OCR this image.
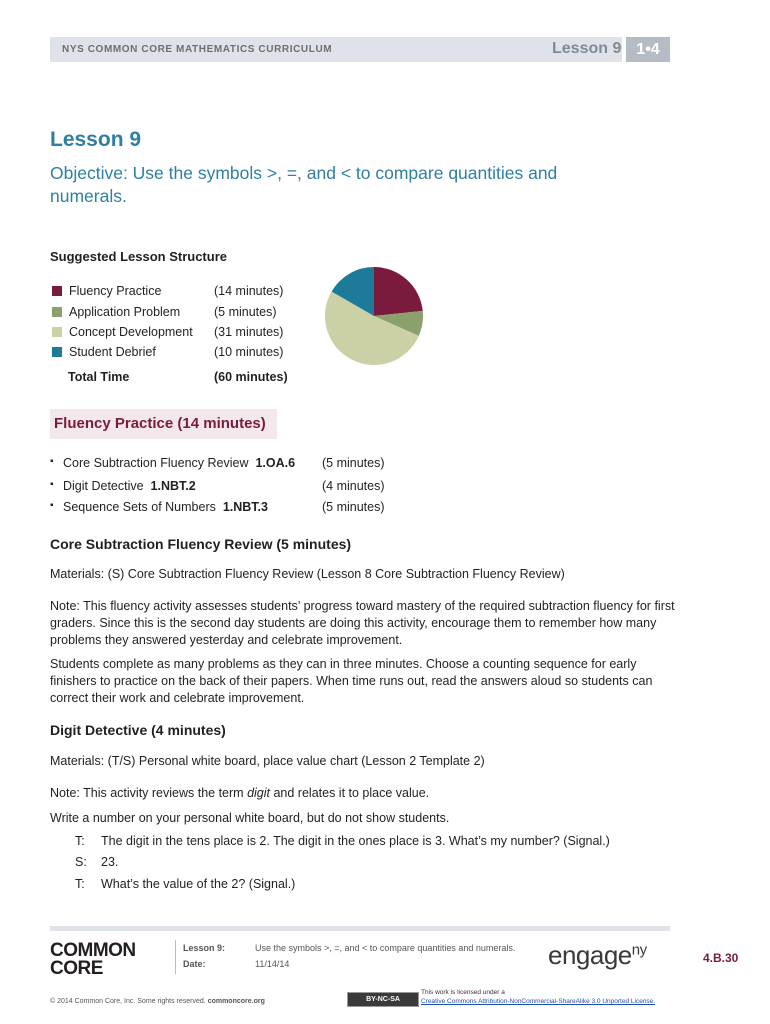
NYS COMMON CORE MATHEMATICS CURRICULUM	Lesson 9 1•4
Lesson 9
Objective: Use the symbols >, =, and < to compare quantities and numerals.
Suggested Lesson Structure
Fluency Practice	(14 minutes)
Application Problem	(5 minutes)
Concept Development (31 minutes)
Student Debrief	(10 minutes)
Total Time	(60 minutes)
Fluency Practice (14 minutes)
▪ Core Subtraction Fluency Review 1.OA.6 (5 minutes)
▪ Digit Detective 1.NBT.2	(4 minutes)
▪ Sequence Sets of Numbers 1.NBT.3	(5 minutes)
Core Subtraction Fluency Review (5 minutes)
Materials: (S) Core Subtraction Fluency Review (Lesson 8 Core Subtraction Fluency Review)
Note: This fluency activity assesses students’ progress toward mastery of the required subtraction fluency for first graders. Since this is the second day students are doing this activity, encourage them to remember how many problems they answered yesterday and celebrate improvement.
Students complete as many problems as they can in three minutes. Choose a counting sequence for early finishers to practice on the back of their papers. When time runs out, read the answers aloud so students can correct their work and celebrate improvement.
Digit Detective (4 minutes)
Materials: (T/S) Personal white board, place value chart (Lesson 2 Template 2)
Note: This activity reviews the term digit and relates it to place value.
Write a number on your personal white board, but do not show students.
T: The digit in the tens place is 2. The digit in the ones place is 3. What’s my number? (Signal.)
S: 23.
T: What’s the value of the 2? (Signal.)
COMMON
CORE
Lesson 9:
Date:
Use the symbols >, =, and < to compare quantities and numerals.
11/14/14	engage$^{ny}$	4.B.30
© 2014 Common Core, Inc. Some rights reserved. commoncore.org	BY-NC-SA
This work is licensed under a
Creative Commons Attribution-NonCommercial-ShareAlike 3.0 Unported License.
